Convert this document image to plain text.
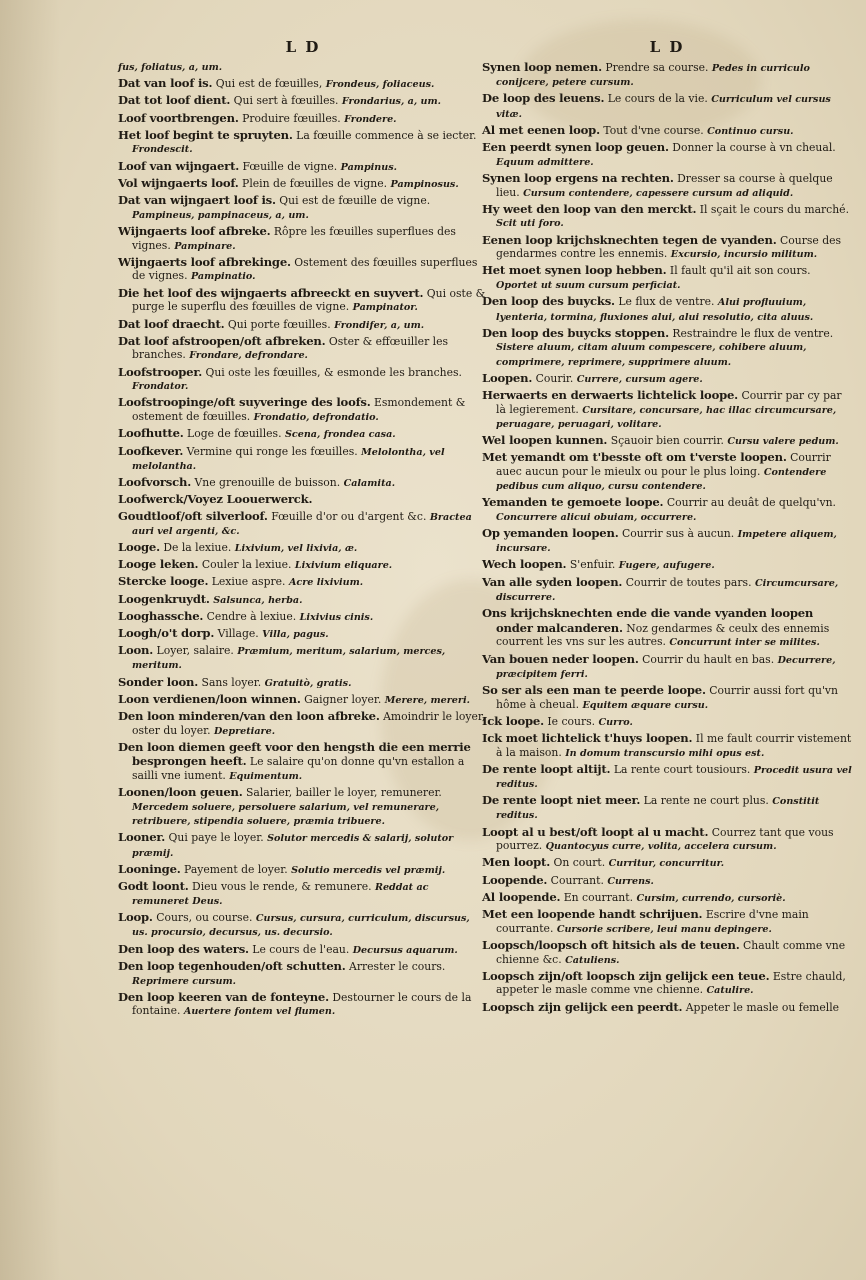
L D
fus, foliatus, a, um.
Dat van loof is. Qui est de fœuilles, Frondeus, foliaceus.
Dat tot loof dient. Qui sert à fœuilles. Frondarius, a, um.
Loof voortbrengen. Produire fœuilles. Frondere.
Het loof begint te spruyten. La fœuille commence à se iecter. Frondescit.
Loof van wijngaert. Fœuille de vigne. Pampinus.
Vol wijngaerts loof. Plein de fœuilles de vigne. Pampinosus.
Dat van wijngaert loof is. Qui est de fœuille de vigne. Pampineus, pampinaceus, a, um.
Wijngaerts loof afbreke. Rôpre les fœuilles superflues des vignes. Pampinare.
Wijngaerts loof afbrekinge. Ostement des fœuilles superflues de vignes. Pampinatio.
Die het loof des wijngaerts afbreeckt en suyvert. Qui oste & purge le superflu des fœuilles de vigne. Pampinator.
Dat loof draecht. Qui porte fœuilles. Frondifer, a, um.
Dat loof afstroopen/oft afbreken. Oster & effœuiller les branches. Frondare, defrondare.
Loofstrooper. Qui oste les fœuilles, & esmonde les branches. Frondator.
Loofstroopinge/oft suyveringe des loofs. Esmondement & ostement de fœuilles. Frondatio, defrondatio.
Loofhutte. Loge de fœuilles. Scena, frondea casa.
Loofkever. Vermine qui ronge les fœuilles. Melolontha, vel melolantha.
Loofvorsch. Vne grenouille de buisson. Calamita.
Loofwerck/Voyez Loouerwerck.
Goudtloof/oft silverloof. Fœuille d'or ou d'argent &c. Bractea auri vel argenti, &c.
Looge. De la lexiue. Lixivium, vel lixivia, æ.
Looge leken. Couler la lexiue. Lixivium eliquare.
Stercke looge. Lexiue aspre. Acre lixivium.
Loogenkruydt. Salsunca, herba.
Looghassche. Cendre à lexiue. Lixivius cinis.
Loogh/o't dorp. Village. Villa, pagus.
Loon. Loyer, salaire. Præmium, meritum, salarium, merces, meritum.
Sonder loon. Sans loyer. Gratuitò, gratis.
Loon verdienen/loon winnen. Gaigner loyer. Merere, mereri.
Den loon minderen/van den loon afbreke. Amoindrir le loyer, oster du loyer. Depretiare.
Den loon diemen geeft voor den hengsth die een merrie besprongen heeft. Le salaire qu'on donne qu'vn estallon a sailli vne iument. Equimentum.
Loonen/loon geuen. Salarier, bailler le loyer, remunerer. Mercedem soluere, persoluere salarium, vel remunerare, retribuere, stipendia soluere, præmia tribuere.
Looner. Qui paye le loyer. Solutor mercedis & salarij, solutor præmij.
Looninge. Payement de loyer. Solutio mercedis vel præmij.
Godt loont. Dieu vous le rende, & remunere. Reddat ac remuneret Deus.
Loop. Cours, ou course. Cursus, cursura, curriculum, discursus, us. procursio, decursus, us. decursio.
Den loop des waters. Le cours de l'eau. Decursus aquarum.
Den loop tegenhouden/oft schutten. Arrester le cours. Reprimere cursum.
Den loop keeren van de fonteyne. Destourner le cours de la fontaine. Auertere fontem vel flumen.
L D
Synen loop nemen. Prendre sa course. Pedes in curriculo conijcere, petere cursum.
De loop des leuens. Le cours de la vie. Curriculum vel cursus vitæ.
Al met eenen loop. Tout d'vne course. Continuo cursu.
Een peerdt synen loop geuen. Donner la course à vn cheual. Equum admittere.
Synen loop ergens na rechten. Dresser sa course à quelque lieu. Cursum contendere, capessere cursum ad aliquid.
Hy weet den loop van den merckt. Il sçait le cours du marché. Scit uti foro.
Eenen loop krijchsknechten tegen de vyanden. Course des gendarmes contre les ennemis. Excursio, incursio militum.
Het moet synen loop hebben. Il fault qu'il ait son cours. Oportet ut suum cursum perficiat.
Den loop des buycks. Le flux de ventre. Alui profluuium, lyenteria, tormina, fluxiones alui, alui resolutio, cita aluus.
Den loop des buycks stoppen. Restraindre le flux de ventre. Sistere aluum, citam aluum compescere, cohibere aluum, comprimere, reprimere, supprimere aluum.
Loopen. Courir. Currere, cursum agere.
Herwaerts en derwaerts lichtelick loope. Courrir par cy par là legierement. Cursitare, concursare, hac illac circumcursare, peruagare, peruagari, volitare.
Wel loopen kunnen. Sçauoir bien courrir. Cursu valere pedum.
Met yemandt om t'besste oft om t'verste loopen. Courrir auec aucun pour le mieulx ou pour le plus loing. Contendere pedibus cum aliquo, cursu contendere.
Yemanden te gemoete loope. Courrir au deuât de quelqu'vn. Concurrere alicui obuiam, occurrere.
Op yemanden loopen. Courrir sus à aucun. Impetere aliquem, incursare.
Wech loopen. S'enfuir. Fugere, aufugere.
Van alle syden loopen. Courrir de toutes pars. Circumcursare, discurrere.
Ons krijchsknechten ende die vande vyanden loopen onder malcanderen. Noz gendarmes & ceulx des ennemis courrent les vns sur les autres. Concurrunt inter se milites.
Van bouen neder loopen. Courrir du hault en bas. Decurrere, præcipitem ferri.
So ser als een man te peerde loope. Courrir aussi fort qu'vn hôme à cheual. Equitem æquare cursu.
Ick loope. Ie cours. Curro.
Ick moet lichtelick t'huys loopen. Il me fault courrir vistement à la maison. In domum transcursio mihi opus est.
De rente loopt altijt. La rente court tousiours. Procedit usura vel reditus.
De rente loopt niet meer. La rente ne court plus. Constitit reditus.
Loopt al u best/oft loopt al u macht. Courrez tant que vous pourrez. Quantocyus curre, volita, accelera cursum.
Men loopt. On court. Curritur, concurritur.
Loopende. Courrant. Currens.
Al loopende. En courrant. Cursim, currendo, cursoriè.
Met een loopende handt schrijuen. Escrire d'vne main courrante. Cursorie scribere, leui manu depingere.
Loopsch/loopsch oft hitsich als de teuen. Chault comme vne chienne &c. Catuliens.
Loopsch zijn/oft loopsch zijn gelijck een teue. Estre chauld, appeter le masle comme vne chienne. Catulire.
Loopsch zijn gelijck een peerdt. Appeter le masle ou femelle
